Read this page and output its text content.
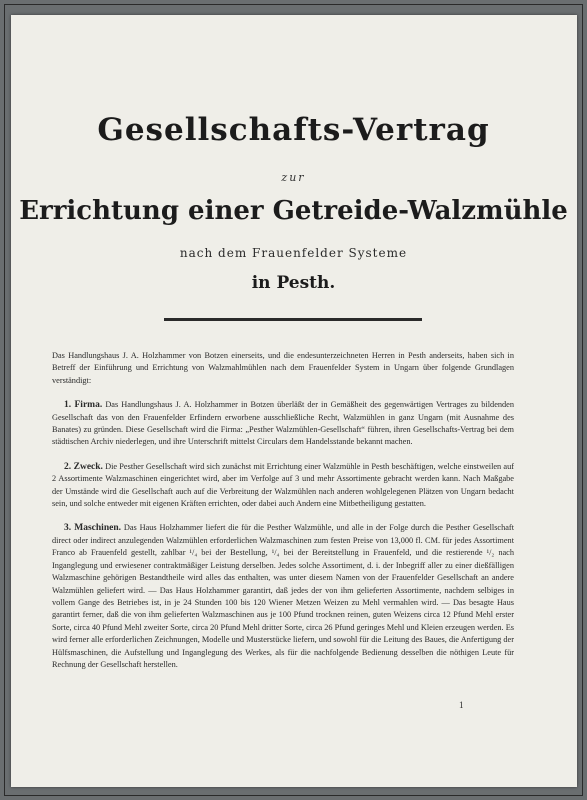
Gesellschafts-Vertrag
zur
Errichtung einer Getreide-Walzmühle
nach dem Frauenfelder Systeme
in Pesth.

Das Handlungshaus J. A. Holzhammer von Botzen einerseits, und die endesunterzeichneten Herren in Pesth anderseits, haben sich in Betreff der Einführung und Errichtung von Walzmahlmühlen nach dem Frauenfelder System in Ungarn über folgende Grundlagen verständigt:

1. Firma. Das Handlungshaus J. A. Holzhammer in Botzen überläßt der in Gemäßheit des gegenwärtigen Vertrages zu bildenden Gesellschaft das von den Frauenfelder Erfindern erworbene ausschließliche Recht, Walzmühlen in ganz Ungarn (mit Ausnahme des Banates) zu gründen. Diese Gesellschaft wird die Firma: „Pesther Walzmühlen-Gesellschaft“ führen, ihren Gesellschafts-Vertrag bei dem städtischen Archiv niederlegen, und ihre Unterschrift mittelst Circulars dem Handelsstande bekannt machen.

2. Zweck. Die Pesther Gesellschaft wird sich zunächst mit Errichtung einer Walzmühle in Pesth beschäftigen, welche einstweilen auf 2 Assortimente Walzmaschinen eingerichtet wird, aber im Verfolge auf 3 und mehr Assortimente gebracht werden kann. Nach Maßgabe der Umstände wird die Gesellschaft auch auf die Verbreitung der Walzmühlen nach anderen wohlgelegenen Plätzen von Ungarn bedacht sein, und solche entweder mit eigenen Kräften errichten, oder dabei auch Andern eine Mitbetheiligung gestatten.

3. Maschinen. Das Haus Holzhammer liefert die für die Pesther Walzmühle, und alle in der Folge durch die Pesther Gesellschaft direct oder indirect anzulegenden Walzmühlen erforderlichen Walzmaschinen zum festen Preise von 13,000 fl. CM. für jedes Assortiment Franco ab Frauenfeld gestellt, zahlbar ¹/₄ bei der Bestellung, ¹/₄ bei der Bereitstellung in Frauenfeld, und die restierende ¹/₂ nach Inganglegung und erwiesener contraktmäßiger Leistung derselben. Jedes solche Assortiment, d. i. der Inbegriff aller zu einer dießfälligen Walzmaschine gehörigen Bestandtheile wird alles das enthalten, was unter diesem Namen von der Frauenfelder Gesellschaft an andere Walzmühlen geliefert wird. — Das Haus Holzhammer garantirt, daß jedes der von ihm gelieferten Assortimente, nachdem selbiges in vollem Gange des Betriebes ist, in je 24 Stunden 100 bis 120 Wiener Metzen Weizen zu Mehl vermahlen wird. — Das besagte Haus garantirt ferner, daß die von ihm gelieferten Walzmaschinen aus je 100 Pfund trocknen reinen, guten Weizens circa 12 Pfund Mehl erster Sorte, circa 40 Pfund Mehl zweiter Sorte, circa 20 Pfund Mehl dritter Sorte, circa 26 Pfund geringes Mehl und Kleien erzeugen werden. Es wird ferner alle erforderlichen Zeichnungen, Modelle und Musterstücke liefern, und sowohl für die Leitung des Baues, die Anfertigung der Hülfsmaschinen, die Aufstellung und Inganglegung des Werkes, als für die nachfolgende Bedienung desselben die nöthigen Leute für Rechnung der Gesellschaft herstellen.

1
